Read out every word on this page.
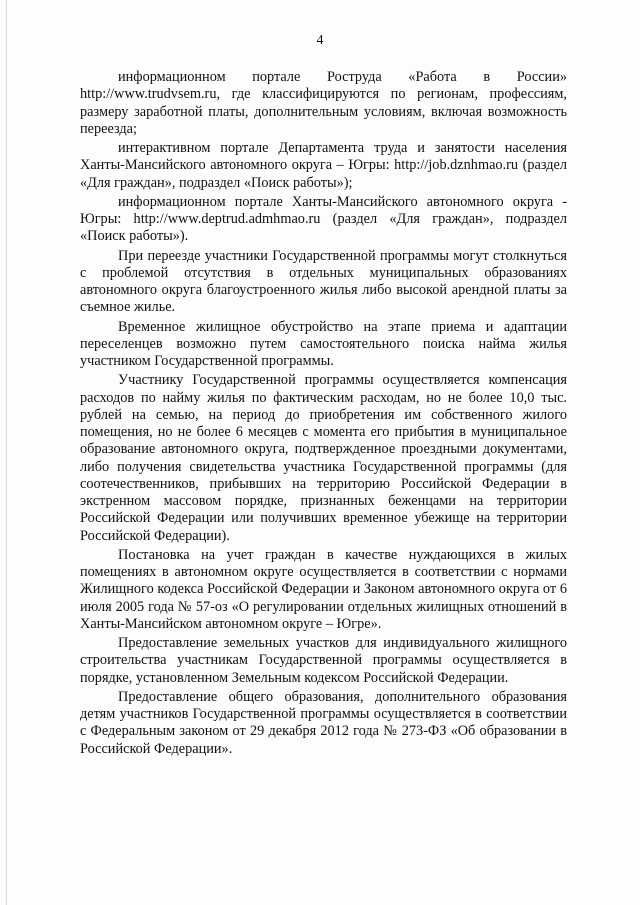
4

информационном портале Роструда «Работа в России» http://www.trudvsem.ru, где классифицируются по регионам, профессиям, размеру заработной платы, дополнительным условиям, включая возможность переезда;

интерактивном портале Департамента труда и занятости населения Ханты-Мансийского автономного округа – Югры: http://job.dznhmao.ru (раздел «Для граждан», подраздел «Поиск работы»);

информационном портале Ханты-Мансийского автономного округа - Югры: http://www.deptrud.admhmao.ru (раздел «Для граждан», подраздел «Поиск работы»).

При переезде участники Государственной программы могут столкнуться с проблемой отсутствия в отдельных муниципальных образованиях автономного округа благоустроенного жилья либо высокой арендной платы за съемное жилье.

Временное жилищное обустройство на этапе приема и адаптации переселенцев возможно путем самостоятельного поиска найма жилья участником Государственной программы.

Участнику Государственной программы осуществляется компенсация расходов по найму жилья по фактическим расходам, но не более 10,0 тыс. рублей на семью, на период до приобретения им собственного жилого помещения, но не более 6 месяцев с момента его прибытия в муниципальное образование автономного округа, подтвержденное проездными документами, либо получения свидетельства участника Государственной программы (для соотечественников, прибывших на территорию Российской Федерации в экстренном массовом порядке, признанных беженцами на территории Российской Федерации или получивших временное убежище на территории Российской Федерации).

Постановка на учет граждан в качестве нуждающихся в жилых помещениях в автономном округе осуществляется в соответствии с нормами Жилищного кодекса Российской Федерации и Законом автономного округа от 6 июля 2005 года № 57-оз «О регулировании отдельных жилищных отношений в Ханты-Мансийском автономном округе – Югре».

Предоставление земельных участков для индивидуального жилищного строительства участникам Государственной программы осуществляется в порядке, установленном Земельным кодексом Российской Федерации.

Предоставление общего образования, дополнительного образования детям участников Государственной программы осуществляется в соответствии с Федеральным законом от 29 декабря 2012 года № 273-ФЗ «Об образовании в Российской Федерации».
